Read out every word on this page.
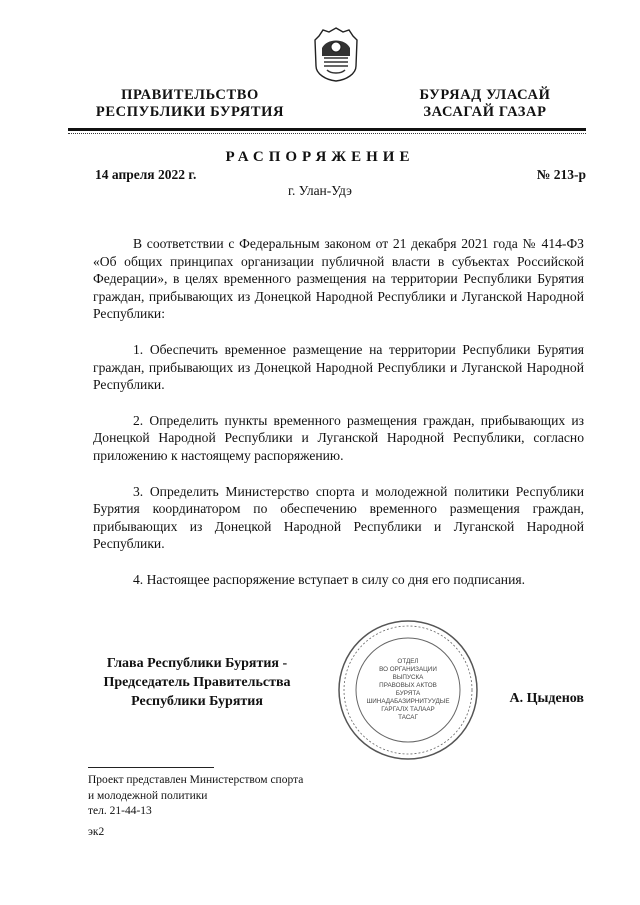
ПРАВИТЕЛЬСТВО
РЕСПУБЛИКИ БУРЯТИЯ
БУРЯАД УЛАСАЙ
ЗАСАГАЙ ГАЗАР
РАСПОРЯЖЕНИЕ
14 апреля 2022 г.	№ 213-р
г. Улан-Удэ

В соответствии с Федеральным законом от 21 декабря 2021 года № 414-ФЗ «Об общих принципах организации публичной власти в субъектах Российской Федерации», в целях временного размещения на территории Республики Бурятия граждан, прибывающих из Донецкой Народной Республики и Луганской Народной Республики:

1. Обеспечить временное размещение на территории Республики Бурятия граждан, прибывающих из Донецкой Народной Республики и Луганской Народной Республики.

2. Определить пункты временного размещения граждан, прибывающих из Донецкой Народной Республики и Луганской Народной Республики, согласно приложению к настоящему распоряжению.

3. Определить Министерство спорта и молодежной политики Республики Бурятия координатором по обеспечению временного размещения граждан, прибывающих из Донецкой Народной Республики и Луганской Народной Республики.

4. Настоящее распоряжение вступает в силу со дня его подписания.

ОТДЕЛ
ВО ОРГАНИЗАЦИИ
ВЫПУСКА
ПРАВОВЫХ АКТОВ
БУРЯТА
ШИНАДАБАЗИРНИТУУДЫЕ
ГАРГАЛХ ТАЛААР
ТАСАГ
Глава Республики Бурятия -
Председатель Правительства
Республики Бурятия	А. Цыденов
Проект представлен Министерством спорта
и молодежной политики
тел. 21-44-13
эк2
